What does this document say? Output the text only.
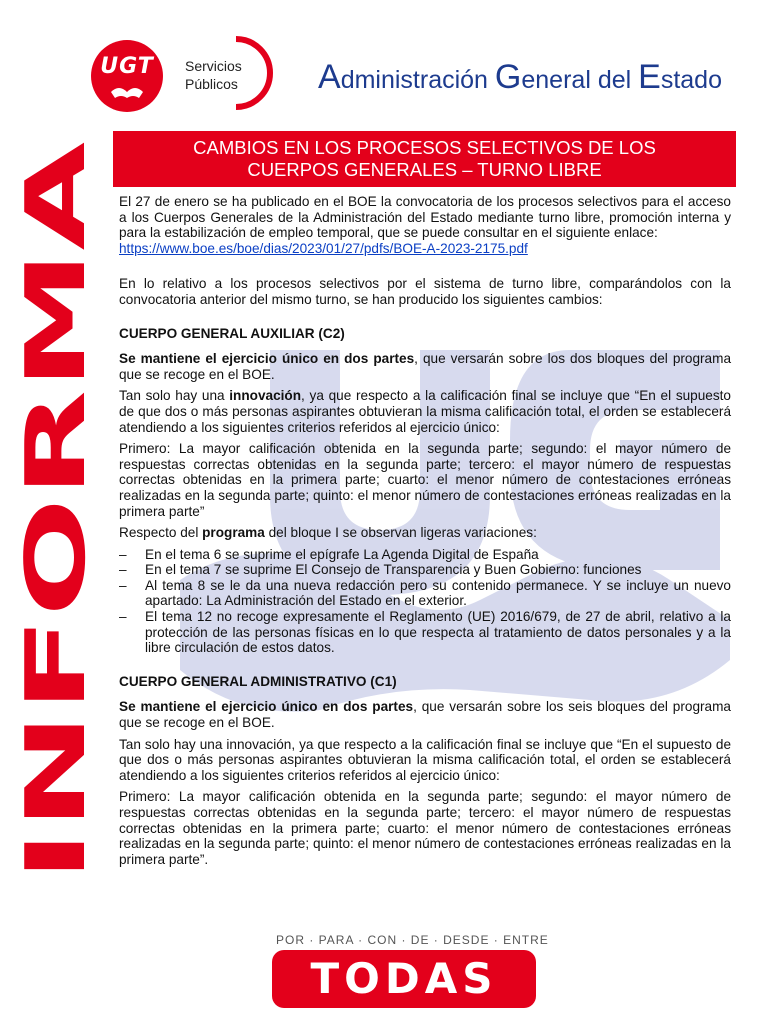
UGT	Servicios
Públicos Administración General del Estado
INFORMA
CAMBIOS EN LOS PROCESOS SELECTIVOS DE LOS
CUERPOS GENERALES – TURNO LIBRE

El 27 de enero se ha publicado en el BOE la convocatoria de los procesos selectivos para el acceso a los Cuerpos Generales de la Administración del Estado mediante turno libre, promoción interna y para la estabilización de empleo temporal, que se puede consultar en el siguiente enlace:

https://www.boe.es/boe/dias/2023/01/27/pdfs/BOE-A-2023-2175.pdf

En lo relativo a los procesos selectivos por el sistema de turno libre, comparándolos con la convocatoria anterior del mismo turno, se han producido los siguientes cambios:

CUERPO GENERAL AUXILIAR (C2)

Se mantiene el ejercicio único en dos partes, que versarán sobre los dos bloques del programa que se recoge en el BOE.

Tan solo hay una innovación, ya que respecto a la calificación final se incluye que “En el supuesto de que dos o más personas aspirantes obtuvieran la misma calificación total, el orden se establecerá atendiendo a los siguientes criterios referidos al ejercicio único:

Primero: La mayor calificación obtenida en la segunda parte; segundo: el mayor número de respuestas correctas obtenidas en la segunda parte; tercero: el mayor número de respuestas correctas obtenidas en la primera parte; cuarto: el menor número de contestaciones erróneas realizadas en la segunda parte; quinto: el menor número de contestaciones erróneas realizadas en la primera parte”

Respecto del programa del bloque I se observan ligeras variaciones:

– En el tema 6 se suprime el epígrafe La Agenda Digital de España
– En el tema 7 se suprime El Consejo de Transparencia y Buen Gobierno: funciones
– Al tema 8 se le da una nueva redacción pero su contenido permanece. Y se incluye un nuevo apartado: La Administración del Estado en el exterior.
– El tema 12 no recoge expresamente el Reglamento (UE) 2016/679, de 27 de abril, relativo a la protección de las personas físicas en lo que respecta al tratamiento de datos personales y a la libre circulación de estos datos.

CUERPO GENERAL ADMINISTRATIVO (C1)

Se mantiene el ejercicio único en dos partes, que versarán sobre los seis bloques del programa que se recoge en el BOE.

Tan solo hay una innovación, ya que respecto a la calificación final se incluye que “En el supuesto de que dos o más personas aspirantes obtuvieran la misma calificación total, el orden se establecerá atendiendo a los siguientes criterios referidos al ejercicio único:

Primero: La mayor calificación obtenida en la segunda parte; segundo: el mayor número de respuestas correctas obtenidas en la segunda parte; tercero: el mayor número de respuestas correctas obtenidas en la primera parte; cuarto: el menor número de contestaciones erróneas realizadas en la segunda parte; quinto: el menor número de contestaciones erróneas realizadas en la primera parte”.

POR · PARA · CON · DE · DESDE · ENTRE
TODAS
